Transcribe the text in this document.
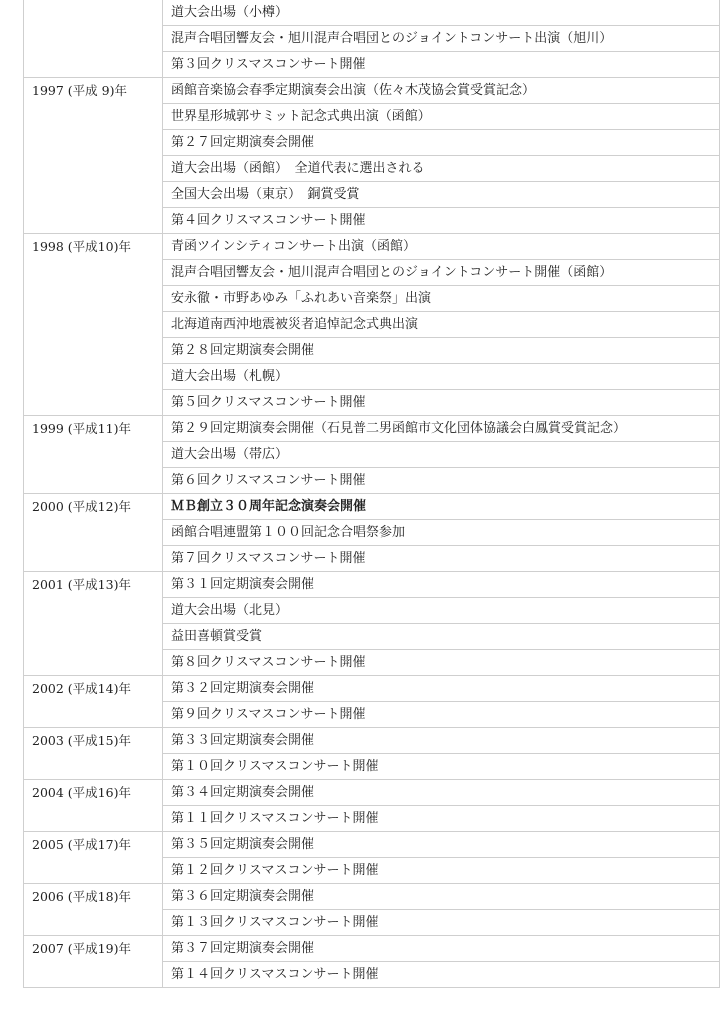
	道大会出場（小樽）
	混声合唱団響友会・旭川混声合唱団とのジョイントコンサート出演（旭川）
	第３回クリスマスコンサート開催
1997 (平成 9)年	函館音楽協会春季定期演奏会出演（佐々木茂協会賞受賞記念）
	世界星形城郭サミット記念式典出演（函館）
	第２７回定期演奏会開催
	道大会出場（函館）　全道代表に選出される
	全国大会出場（東京）　銅賞受賞
	第４回クリスマスコンサート開催
1998 (平成10)年	青函ツインシティコンサート出演（函館）
	混声合唱団響友会・旭川混声合唱団とのジョイントコンサート開催（函館）
	安永徹・市野あゆみ「ふれあい音楽祭」出演
	北海道南西沖地震被災者追悼記念式典出演
	第２８回定期演奏会開催
	道大会出場（札幌）
	第５回クリスマスコンサート開催
1999 (平成11)年	第２９回定期演奏会開催（石見普二男函館市文化団体協議会白鳳賞受賞記念）
	道大会出場（帯広）
	第６回クリスマスコンサート開催
2000 (平成12)年	ＭＢ創立３０周年記念演奏会開催
	函館合唱連盟第１００回記念合唱祭参加
	第７回クリスマスコンサート開催
2001 (平成13)年	第３１回定期演奏会開催
	道大会出場（北見）
	益田喜頓賞受賞
	第８回クリスマスコンサート開催
2002 (平成14)年	第３２回定期演奏会開催
	第９回クリスマスコンサート開催
2003 (平成15)年	第３３回定期演奏会開催
	第１０回クリスマスコンサート開催
2004 (平成16)年	第３４回定期演奏会開催
	第１１回クリスマスコンサート開催
2005 (平成17)年	第３５回定期演奏会開催
	第１２回クリスマスコンサート開催
2006 (平成18)年	第３６回定期演奏会開催
	第１３回クリスマスコンサート開催
2007 (平成19)年	第３７回定期演奏会開催
	第１４回クリスマスコンサート開催
